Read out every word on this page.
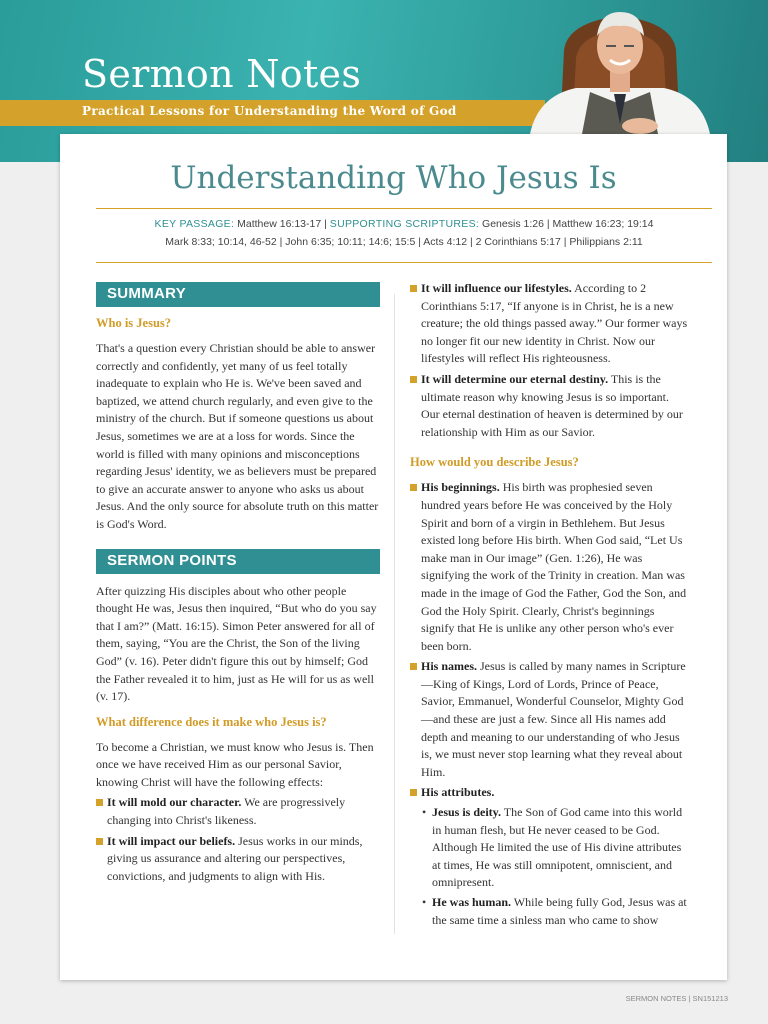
Sermon Notes
Practical Lessons for Understanding the Word of God
Understanding Who Jesus Is
KEY PASSAGE: Matthew 16:13-17 | SUPPORTING SCRIPTURES: Genesis 1:26 | Matthew 16:23; 19:14
Mark 8:33; 10:14, 46-52 | John 6:35; 10:11; 14:6; 15:5 | Acts 4:12 | 2 Corinthians 5:17 | Philippians 2:11
SUMMARY
Who is Jesus?

That's a question every Christian should be able to answer correctly and confidently, yet many of us feel totally inadequate to explain who He is. We've been saved and baptized, we attend church regularly, and even give to the ministry of the church. But if someone questions us about Jesus, sometimes we are at a loss for words. Since the world is filled with many opinions and misconceptions regarding Jesus' identity, we as believers must be prepared to give an accurate answer to anyone who asks us about Jesus. And the only source for absolute truth on this matter is God's Word.

SERMON POINTS

After quizzing His disciples about who other people thought He was, Jesus then inquired, “But who do you say that I am?” (Matt. 16:15). Simon Peter answered for all of them, saying, “You are the Christ, the Son of the living God” (v. 16). Peter didn't figure this out by himself; God the Father revealed it to him, just as He will for us as well (v. 17).

What difference does it make who Jesus is?

To become a Christian, we must know who Jesus is. Then once we have received Him as our personal Savior, knowing Christ will have the following effects:

It will mold our character. We are progressively changing into Christ's likeness.
It will impact our beliefs. Jesus works in our minds, giving us assurance and altering our perspectives, convictions, and judgments to align with His.
It will influence our lifestyles. According to 2 Corinthians 5:17, “If anyone is in Christ, he is a new creature; the old things passed away.” Our former ways no longer fit our new identity in Christ. Now our lifestyles will reflect His righteousness.
It will determine our eternal destiny. This is the ultimate reason why knowing Jesus is so important. Our eternal destination of heaven is determined by our relationship with Him as our Savior.
How would you describe Jesus?
His beginnings. His birth was prophesied seven hundred years before He was conceived by the Holy Spirit and born of a virgin in Bethlehem. But Jesus existed long before His birth. When God said, “Let Us make man in Our image” (Gen. 1:26), He was signifying the work of the Trinity in creation. Man was made in the image of God the Father, God the Son, and God the Holy Spirit. Clearly, Christ's beginnings signify that He is unlike any other person who's ever been born.
His names. Jesus is called by many names in Scripture—King of Kings, Lord of Lords, Prince of Peace, Savior, Emmanuel, Wonderful Counselor, Mighty God—and these are just a few. Since all His names add depth and meaning to our understanding of who Jesus is, we must never stop learning what they reveal about Him.
His attributes.
• Jesus is deity. The Son of God came into this world in human flesh, but He never ceased to be God. Although He limited the use of His divine attributes at times, He was still omnipotent, omniscient, and omnipresent.
• He was human. While being fully God, Jesus was at the same time a sinless man who came to show
SERMON NOTES | SN151213
